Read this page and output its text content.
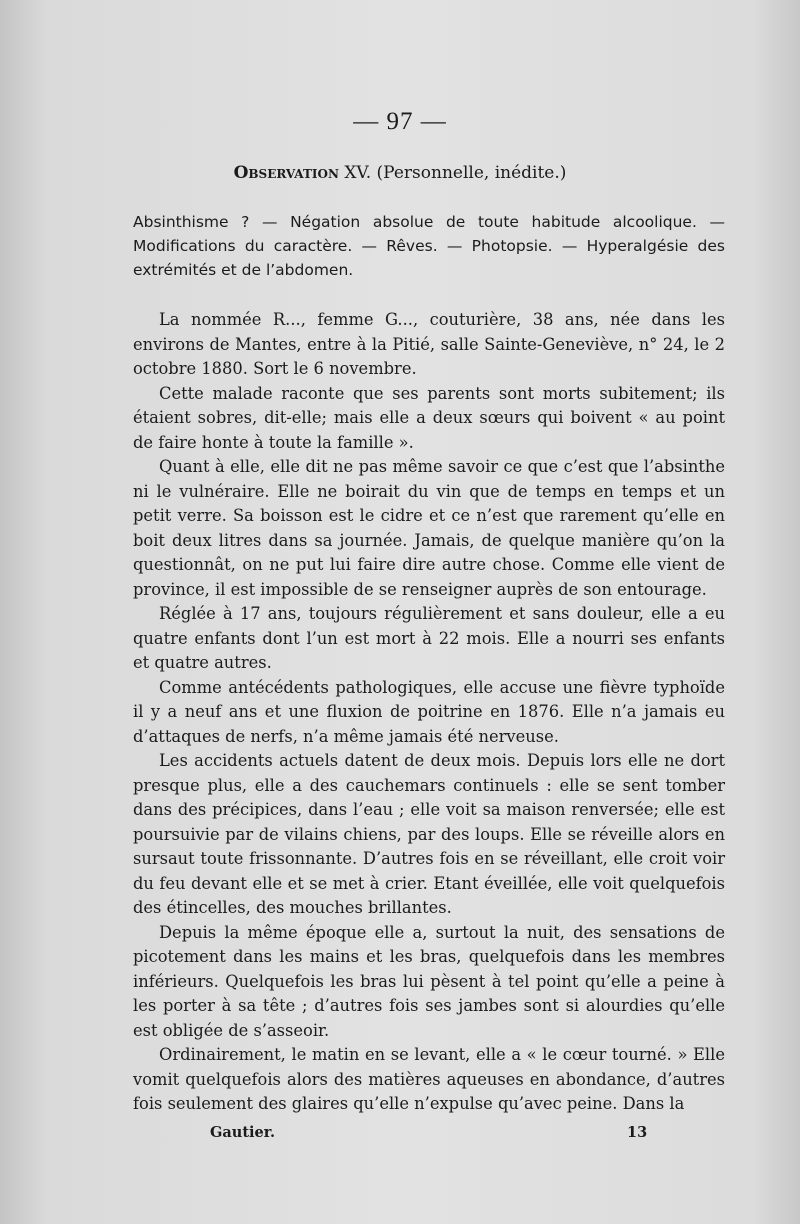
— 97 —
Observation XV. (Personnelle, inédite.)
Absinthisme ? — Négation absolue de toute habitude alcoolique. — Modifications du caractère. — Rêves. — Photopsie. — Hyperalgésie des extrémités et de l’abdomen.

La nommée R..., femme G..., couturière, 38 ans, née dans les environs de Mantes, entre à la Pitié, salle Sainte-Geneviève, n° 24, le 2 octobre 1880. Sort le 6 novembre.

Cette malade raconte que ses parents sont morts subitement; ils étaient sobres, dit-elle; mais elle a deux sœurs qui boivent « au point de faire honte à toute la famille ».

Quant à elle, elle dit ne pas même savoir ce que c’est que l’absinthe ni le vulnéraire. Elle ne boirait du vin que de temps en temps et un petit verre. Sa boisson est le cidre et ce n’est que rarement qu’elle en boit deux litres dans sa journée. Jamais, de quelque manière qu’on la questionnât, on ne put lui faire dire autre chose. Comme elle vient de province, il est impossible de se renseigner auprès de son entourage.

Réglée à 17 ans, toujours régulièrement et sans douleur, elle a eu quatre enfants dont l’un est mort à 22 mois. Elle a nourri ses enfants et quatre autres.

Comme antécédents pathologiques, elle accuse une fièvre typhoïde il y a neuf ans et une fluxion de poitrine en 1876. Elle n’a jamais eu d’attaques de nerfs, n’a même jamais été nerveuse.

Les accidents actuels datent de deux mois. Depuis lors elle ne dort presque plus, elle a des cauchemars continuels : elle se sent tomber dans des précipices, dans l’eau ; elle voit sa maison renversée; elle est poursuivie par de vilains chiens, par des loups. Elle se réveille alors en sursaut toute frissonnante. D’autres fois en se réveillant, elle croit voir du feu devant elle et se met à crier. Etant éveillée, elle voit quelquefois des étincelles, des mouches brillantes.

Depuis la même époque elle a, surtout la nuit, des sensations de picotement dans les mains et les bras, quelquefois dans les membres inférieurs. Quelquefois les bras lui pèsent à tel point qu’elle a peine à les porter à sa tête ; d’autres fois ses jambes sont si alourdies qu’elle est obligée de s’asseoir.

Ordinairement, le matin en se levant, elle a « le cœur tourné. » Elle vomit quelquefois alors des matières aqueuses en abondance, d’autres fois seulement des glaires qu’elle n’expulse qu’avec peine. Dans la

Gautier.	13
